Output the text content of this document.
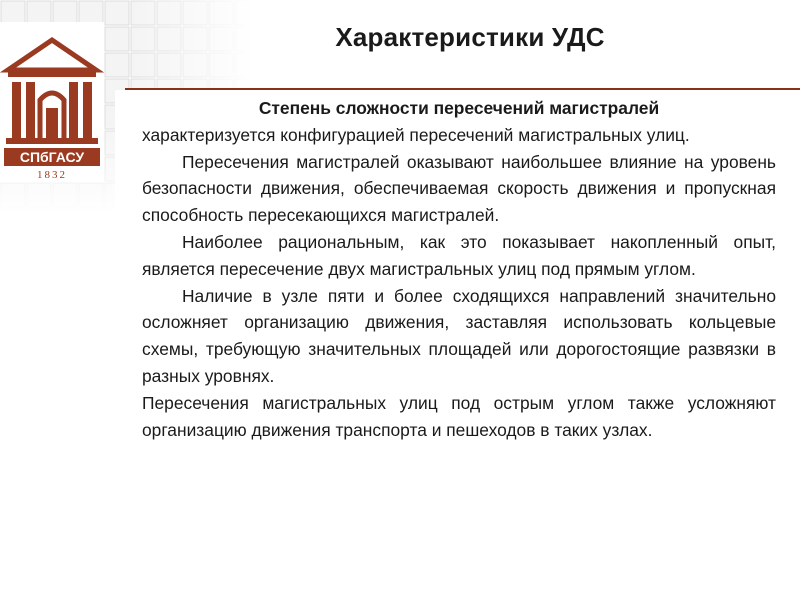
СПбГАСУ
1832
Характеристики УДС

Степень сложности пересечений магистралей

характеризуется конфигурацией пересечений магистральных улиц.

Пересечения магистралей оказывают наибольшее влияние на уровень безопасности движения, обеспечиваемая скорость движения и пропускная способность пересекающихся магистралей.

Наиболее рациональным, как это показывает накопленный опыт, является пересечение двух магистральных улиц под прямым углом.

Наличие в узле пяти и более сходящихся направлений значительно осложняет организацию движения, заставляя использовать кольцевые схемы, требующую значительных площадей или дорогостоящие развязки в разных уровнях.

Пересечения магистральных улиц под острым углом также усложняют организацию движения транспорта и пешеходов в таких узлах.
